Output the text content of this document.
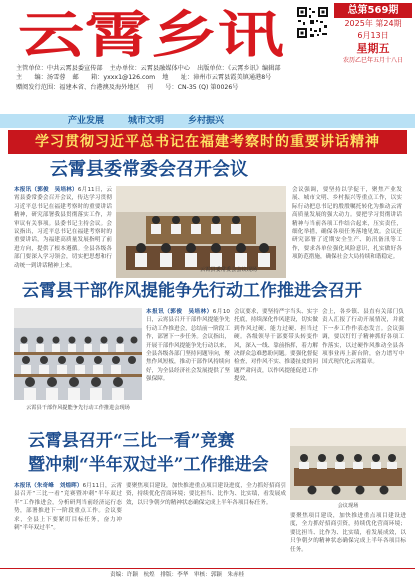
云霄乡讯	总第569期
2025年 第24期
6月13日
星期五
农历乙巳年五月十八日
主管单位：中共云霄县委宣传部 主办单位：云霄县融媒体中心 出版单位：《云霄乡讯》编辑部
主　　编：汤雪蓉 邮　　箱：yxxx1@126.com 地　　址：漳州市云霄县霞美镇通港8号
赠阅发行范围：福建本省、台港澳及海外地区 刊　　号：CN-35 (Q) 第0026号
产业发展	城市文明	乡村振兴
学习贯彻习近平总书记在福建考察时的重要讲话精神
云霄县委常委会召开会议
本报讯（郭俊　吴培林）6月11日，云霄县委常委会召开会议，传达学习贯彻习近平总书记在福建考察时的重要讲话精神，研究部署我县贯彻落实工作，并审议有关事项。县委书记主持会议。会议指出，习近平总书记在福建考察时的重要讲话，为福建高质量发展指明了前进方向，提供了根本遵循。全县各级各部门要深入学习领会，切实把思想和行动统一到讲话精神上来。
云霄县委常委会会议现场
会议强调，要坚持以学促干，聚焦产业发展、城市文明、乡村振兴等重点工作，以实际行动把总书记的殷殷嘱托转化为推动云霄高质量发展的强大动力。要把学习贯彻讲话精神与当前各项工作结合起来，压实责任，细化举措，确保各项任务落地见效。会议还研究部署了近期安全生产、防汛备汛等工作，要求各单位强化风险意识，扎实做好各项防范措施，确保社会大局持续和谐稳定。
云霄县干部作风提能争先行动工作推进会召开
云霄县干部作风提能争先行动工作推进会现场
本报讯（郭俊　吴培林）6月10日，云霄县召开干部作风提能争先行动工作推进会，总结前一阶段工作，部署下一步任务。会议指出，开展干部作风提能争先行动以来，全县各级各部门坚持问题导向，聚焦作风短板，推动干部作风持续向好，为全县经济社会发展提供了坚强保障。
会议要求，要坚持严字当头、实字托底，持续深化作风建设，切实做到作风过硬、能力过硬、担当过硬。各级领导干部要带头转变作风，深入一线、靠前指挥，着力解决群众急难愁盼问题。要强化督促检查，对作风不实、推诿扯皮的问题严肃问责，以作风提能促进工作提效。
会上，各乡镇、县直有关部门负责人汇报了行动开展情况，并就下一步工作作表态发言。会议强调，要以钉钉子精神抓好各项工作落实，以过硬作风推动全县各项事业再上新台阶，奋力谱写中国式现代化云霄篇章。
云霄县召开“三比一看”竞赛
暨冲刺“半年双过半”工作推进会
本报讯（朱奇峰　刘煌晖）6月11日，云霄县召开“三比一看”竞赛暨冲刺“半年双过半”工作推进会，分析研判当前经济运行态势，部署推进下一阶段重点工作。会议要求，全县上下要紧盯目标任务，奋力冲刺“半年双过半”。
要聚焦项目建设，加快推进重点项目建设进度，全力抓好招商引资，持续优化营商环境；要比担当、比作为、比实绩，看发展成效，以只争朝夕的精神状态确保完成上半年各项目标任务。
会议现场
要聚焦项目建设，加快推进重点项目建设进度，全力抓好招商引资，持续优化营商环境；要比担当、比作为、比实绩，看发展成效，以只争朝夕的精神状态确保完成上半年各项目标任务。
责编：许颖　杭煌　排版：李华　审核：郭颖　朱赤桂
